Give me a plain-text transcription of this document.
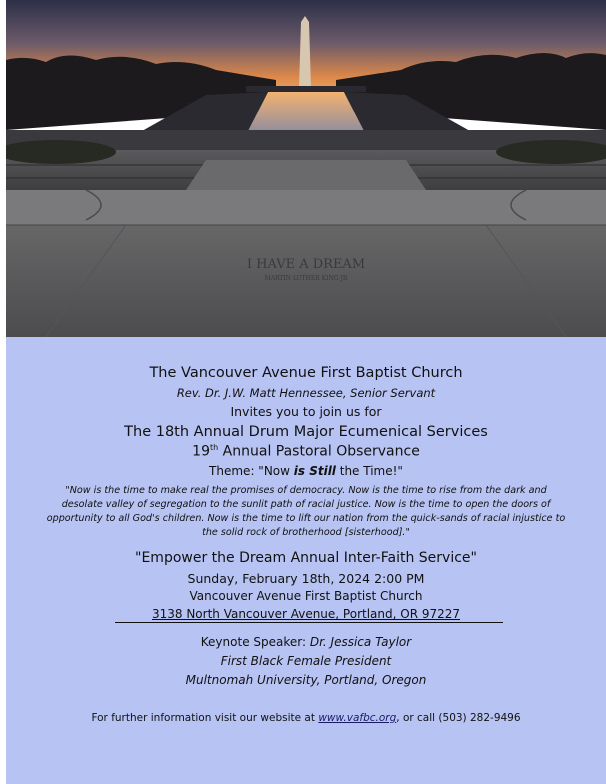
I HAVE A DREAM
MARTIN LUTHER KING JR
The Vancouver Avenue First Baptist Church
Rev. Dr. J.W. Matt Hennessee, Senior Servant
Invites you to join us for
The 18th Annual Drum Major Ecumenical Services
19th Annual Pastoral Observance
Theme: "Now is Still the Time!"
"Now is the time to make real the promises of democracy. Now is the time to rise from the dark and desolate valley of segregation to the sunlit path of racial justice. Now is the time to open the doors of opportunity to all God's children. Now is the time to lift our nation from the quick-sands of racial injustice to the solid rock of brotherhood [sisterhood]."
"Empower the Dream Annual Inter-Faith Service"
Sunday, February 18th, 2024 2:00 PM
Vancouver Avenue First Baptist Church
3138 North Vancouver Avenue, Portland, OR 97227
Keynote Speaker: Dr. Jessica Taylor
First Black Female President
Multnomah University, Portland, Oregon
For further information visit our website at www.vafbc.org, or call (503) 282-9496
